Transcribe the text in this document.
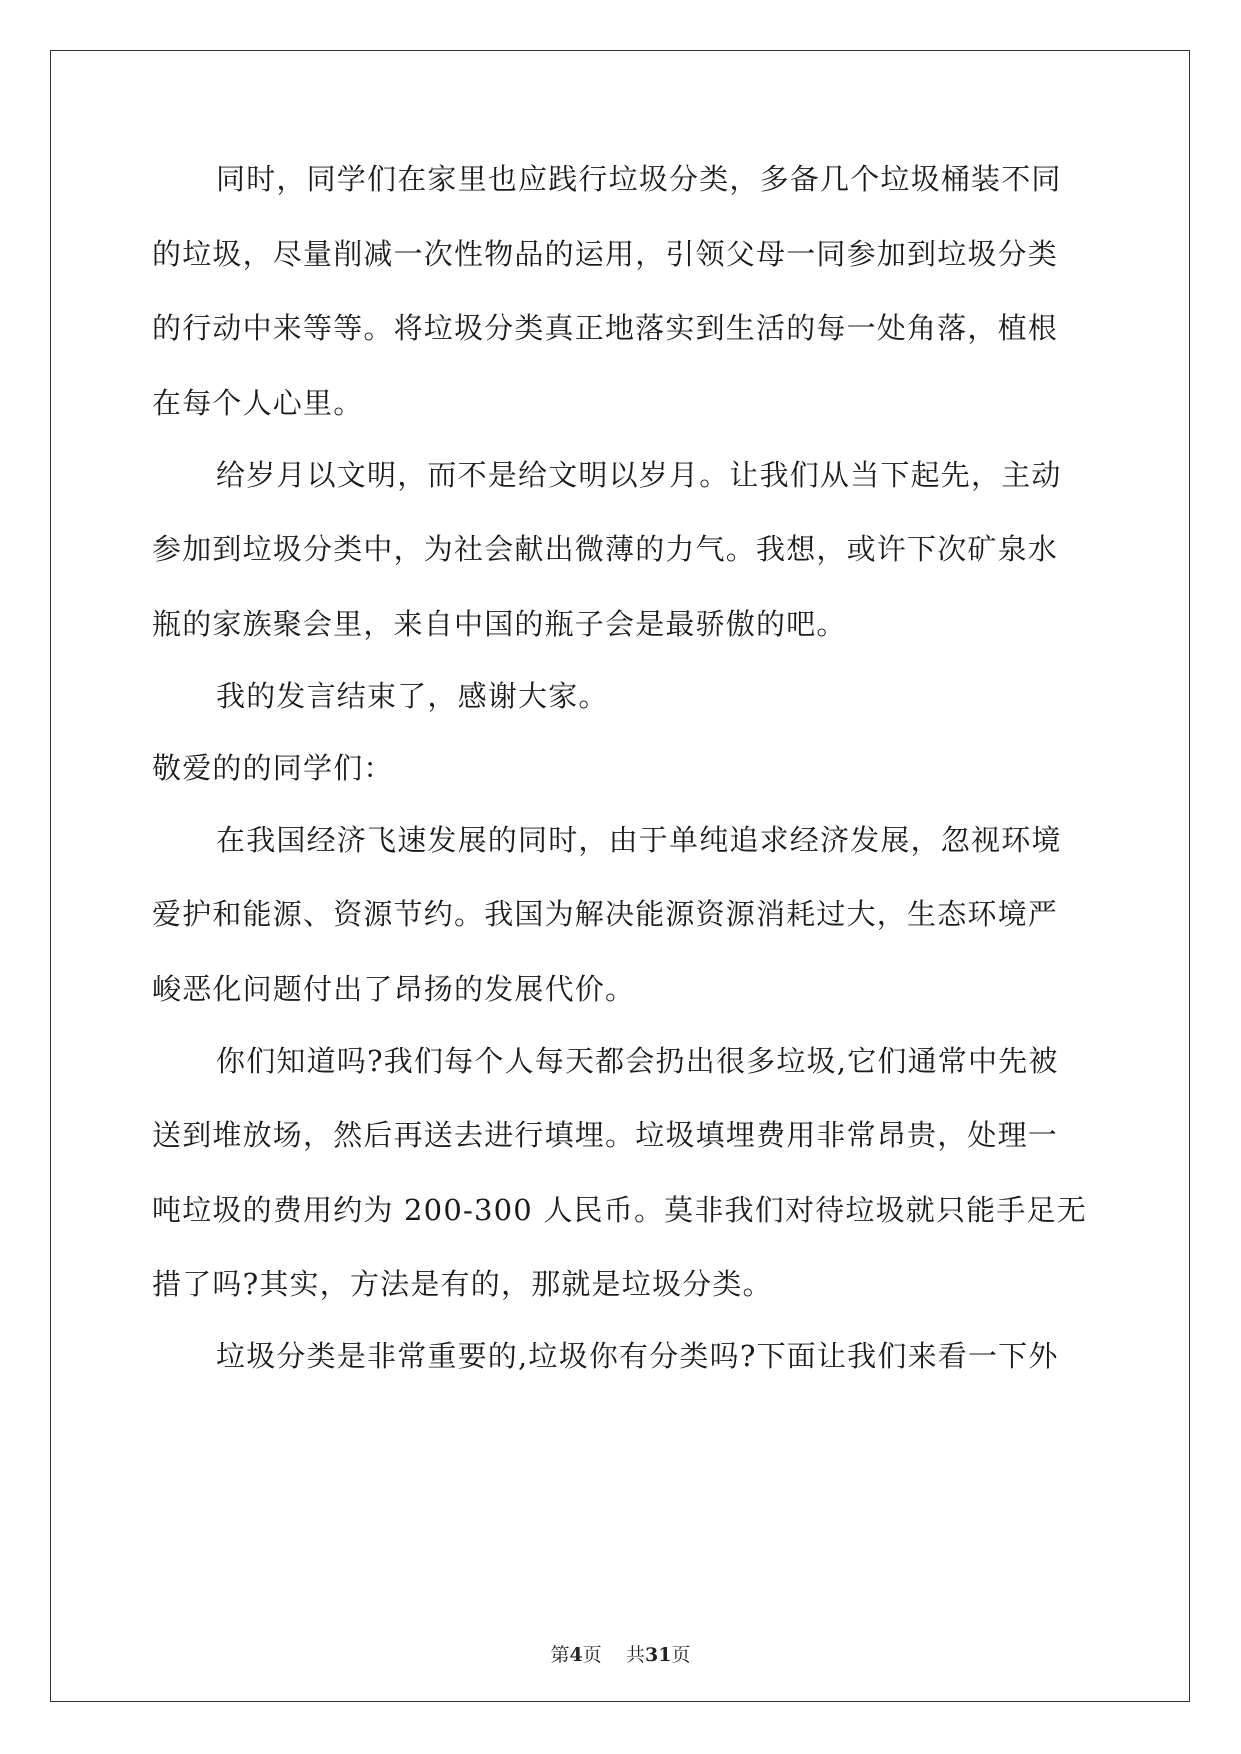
同时，同学们在家里也应践行垃圾分类，多备几个垃圾桶装不同
的垃圾，尽量削减一次性物品的运用，引领父母一同参加到垃圾分类
的行动中来等等。将垃圾分类真正地落实到生活的每一处角落，植根
在每个人心里。
给岁月以文明，而不是给文明以岁月。让我们从当下起先，主动
参加到垃圾分类中，为社会献出微薄的力气。我想，或许下次矿泉水
瓶的家族聚会里，来自中国的瓶子会是最骄傲的吧。
我的发言结束了，感谢大家。
敬爱的的同学们：
在我国经济飞速发展的同时，由于单纯追求经济发展，忽视环境
爱护和能源、资源节约。我国为解决能源资源消耗过大，生态环境严
峻恶化问题付出了昂扬的发展代价。
你们知道吗?我们每个人每天都会扔出很多垃圾,它们通常中先被
送到堆放场，然后再送去进行填埋。垃圾填埋费用非常昂贵，处理一
吨垃圾的费用约为 200-300 人民币。莫非我们对待垃圾就只能手足无
措了吗?其实，方法是有的，那就是垃圾分类。
垃圾分类是非常重要的,垃圾你有分类吗?下面让我们来看一下外
第4页 共31页
